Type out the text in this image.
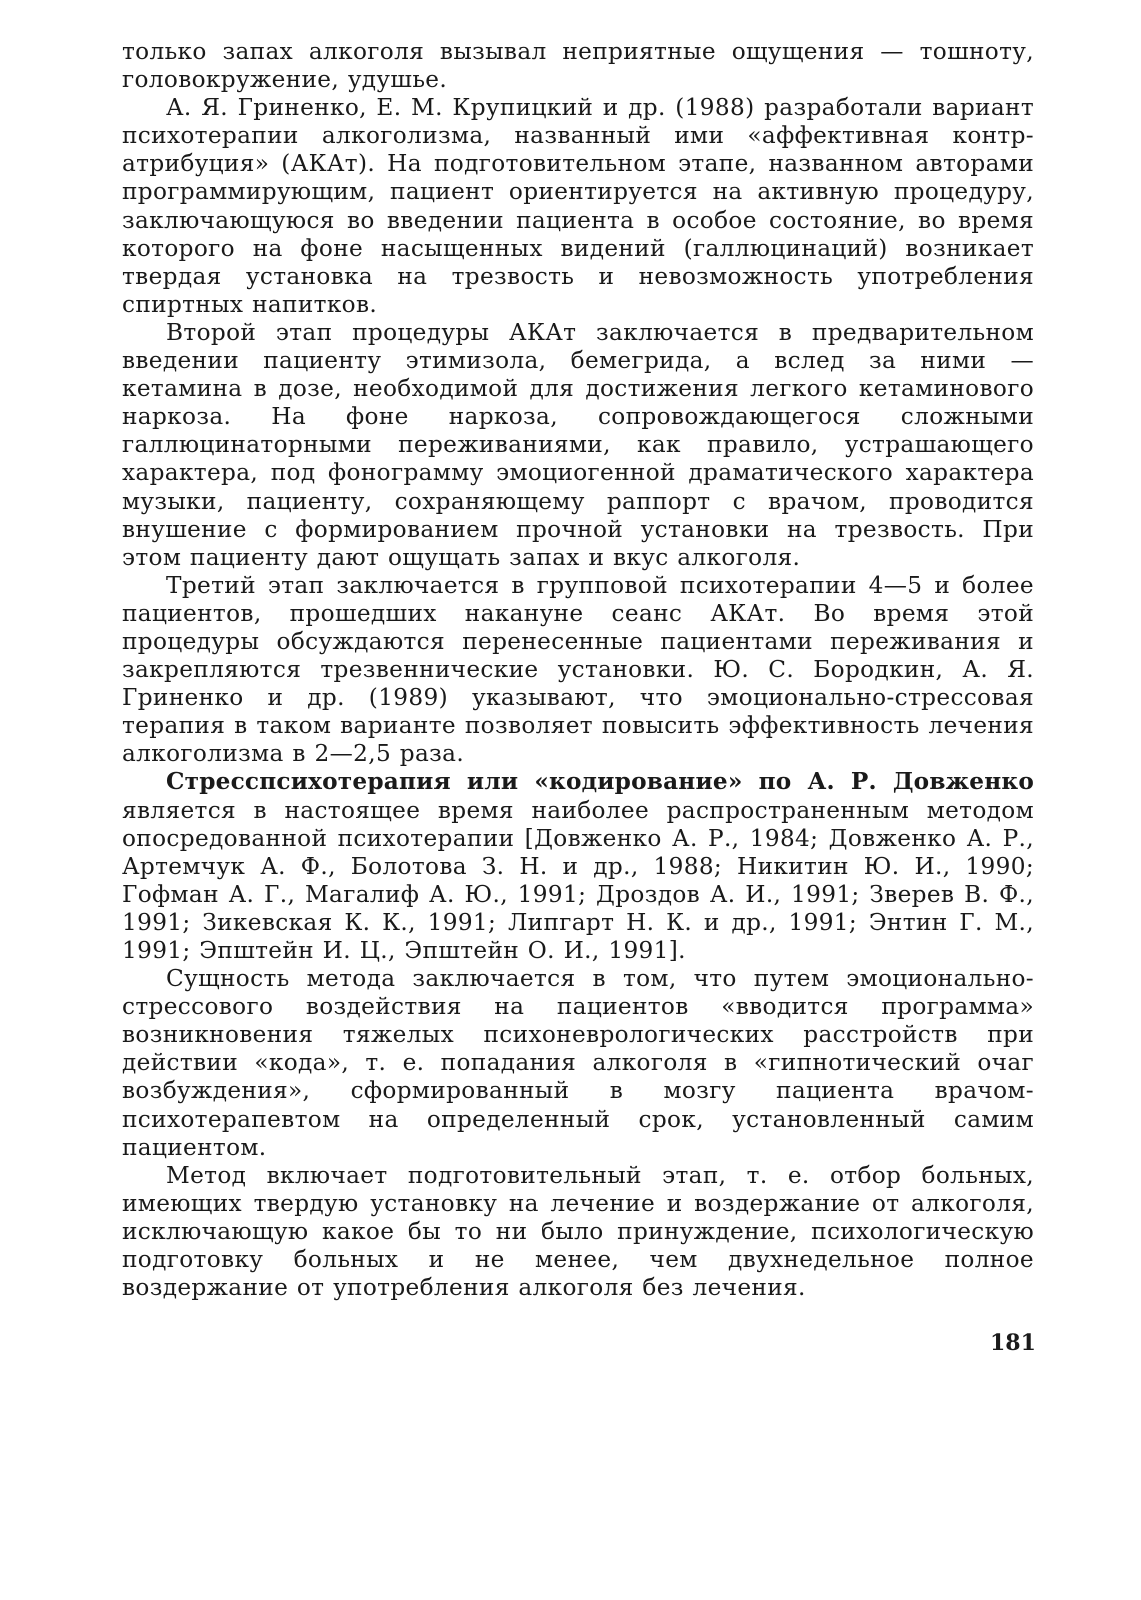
только запах алкоголя вызывал неприятные ощущения — тошноту, головокружение, удушье.

А. Я. Гриненко, Е. М. Крупицкий и др. (1988) разработали вариант психотерапии алкоголизма, названный ими «аффективная контр-атрибуция» (АКАт). На подготовительном этапе, названном авторами программирующим, пациент ориентируется на активную процедуру, заключающуюся во введении пациента в особое состояние, во время которого на фоне насыщенных видений (галлюцинаций) возникает твердая установка на трезвость и невозможность употребления спиртных напитков.

Второй этап процедуры АКАт заключается в предварительном введении пациенту этимизола, бемегрида, а вслед за ними — кетамина в дозе, необходимой для достижения легкого кетаминового наркоза. На фоне наркоза, сопровождающегося сложными галлюцинаторными переживаниями, как правило, устрашающего характера, под фонограмму эмоциогенной драматического характера музыки, пациенту, сохраняющему раппорт с врачом, проводится внушение с формированием прочной установки на трезвость. При этом пациенту дают ощущать запах и вкус алкоголя.

Третий этап заключается в групповой психотерапии 4—5 и более пациентов, прошедших накануне сеанс АКАт. Во время этой процедуры обсуждаются перенесенные пациентами переживания и закрепляются трезвеннические установки. Ю. С. Бородкин, А. Я. Гриненко и др. (1989) указывают, что эмоционально-стрессовая терапия в таком варианте позволяет повысить эффективность лечения алкоголизма в 2—2,5 раза.

Стресспсихотерапия или «кодирование» по А. Р. Довженко является в настоящее время наиболее распространенным методом опосредованной психотерапии [Довженко А. Р., 1984; Довженко А. Р., Артемчук А. Ф., Болотова З. Н. и др., 1988; Никитин Ю. И., 1990; Гофман А. Г., Магалиф А. Ю., 1991; Дроздов А. И., 1991; Зверев В. Ф., 1991; Зикевская К. К., 1991; Липгарт Н. К. и др., 1991; Энтин Г. М., 1991; Эпштейн И. Ц., Эпштейн О. И., 1991].

Сущность метода заключается в том, что путем эмоционально-стрессового воздействия на пациентов «вводится программа» возникновения тяжелых психоневрологических расстройств при действии «кода», т. е. попадания алкоголя в «гипнотический очаг возбуждения», сформированный в мозгу пациента врачом-психотерапевтом на определенный срок, установленный самим пациентом.

Метод включает подготовительный этап, т. е. отбор больных, имеющих твердую установку на лечение и воздержание от алкоголя, исключающую какое бы то ни было принуждение, психологическую подготовку больных и не менее, чем двухнедельное полное воздержание от употребления алкоголя без лечения.

181
